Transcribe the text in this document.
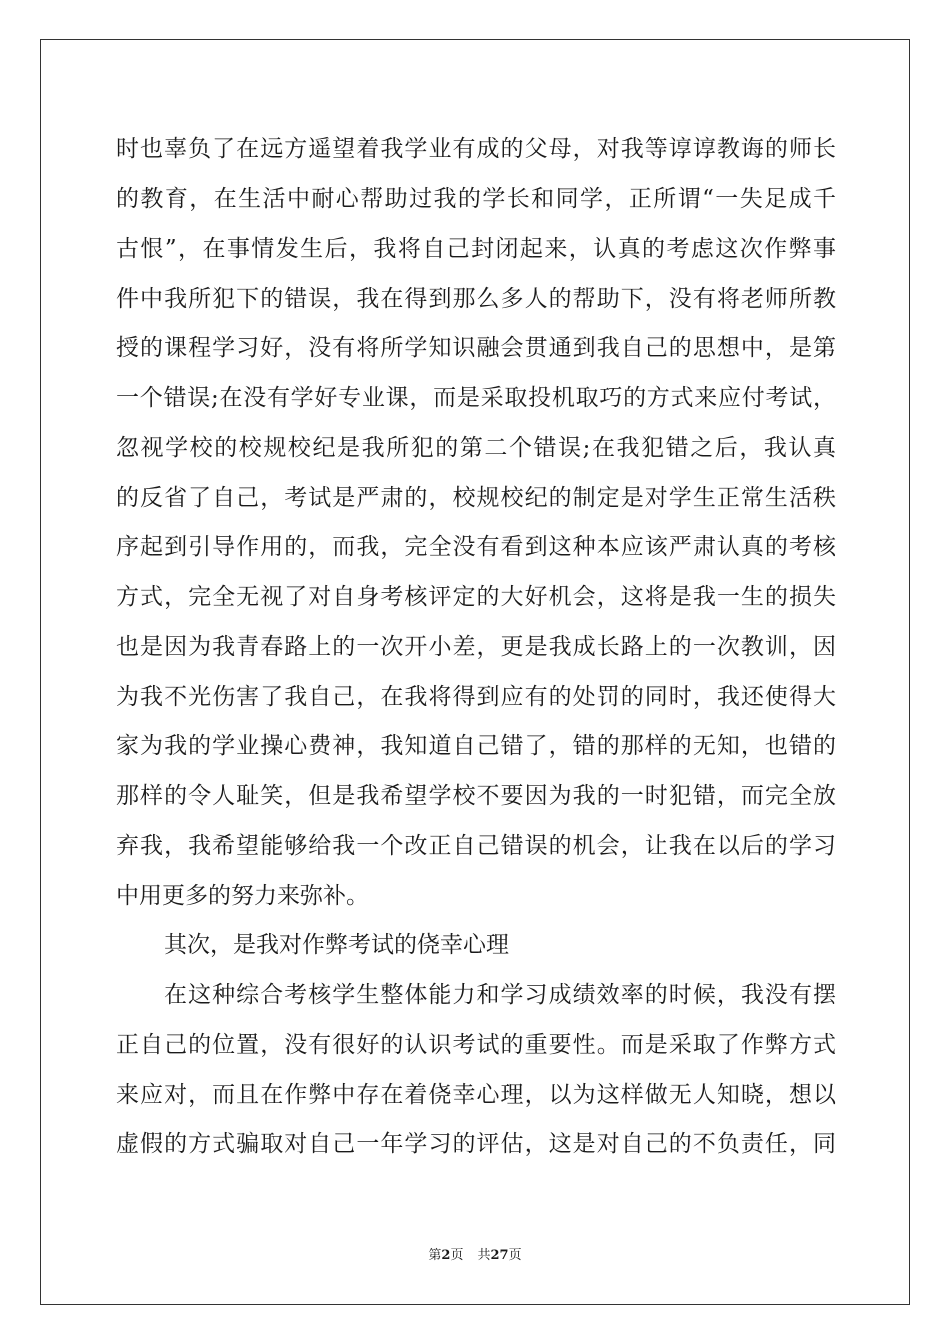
时也辜负了在远方遥望着我学业有成的父母，对我等谆谆教诲的师长
的教育，在生活中耐心帮助过我的学长和同学，正所谓“一失足成千
古恨”，在事情发生后，我将自己封闭起来，认真的考虑这次作弊事
件中我所犯下的错误，我在得到那么多人的帮助下，没有将老师所教
授的课程学习好，没有将所学知识融会贯通到我自己的思想中，是第
一个错误;在没有学好专业课，而是采取投机取巧的方式来应付考试，
忽视学校的校规校纪是我所犯的第二个错误;在我犯错之后，我认真
的反省了自己，考试是严肃的，校规校纪的制定是对学生正常生活秩
序起到引导作用的，而我，完全没有看到这种本应该严肃认真的考核
方式，完全无视了对自身考核评定的大好机会，这将是我一生的损失
也是因为我青春路上的一次开小差，更是我成长路上的一次教训，因
为我不光伤害了我自己，在我将得到应有的处罚的同时，我还使得大
家为我的学业操心费神，我知道自己错了，错的那样的无知，也错的
那样的令人耻笑，但是我希望学校不要因为我的一时犯错，而完全放
弃我，我希望能够给我一个改正自己错误的机会，让我在以后的学习
中用更多的努力来弥补。
其次，是我对作弊考试的侥幸心理
在这种综合考核学生整体能力和学习成绩效率的时候，我没有摆
正自己的位置，没有很好的认识考试的重要性。而是采取了作弊方式
来应对，而且在作弊中存在着侥幸心理，以为这样做无人知晓，想以
虚假的方式骗取对自己一年学习的评估，这是对自己的不负责任，同
第2页 共27页
